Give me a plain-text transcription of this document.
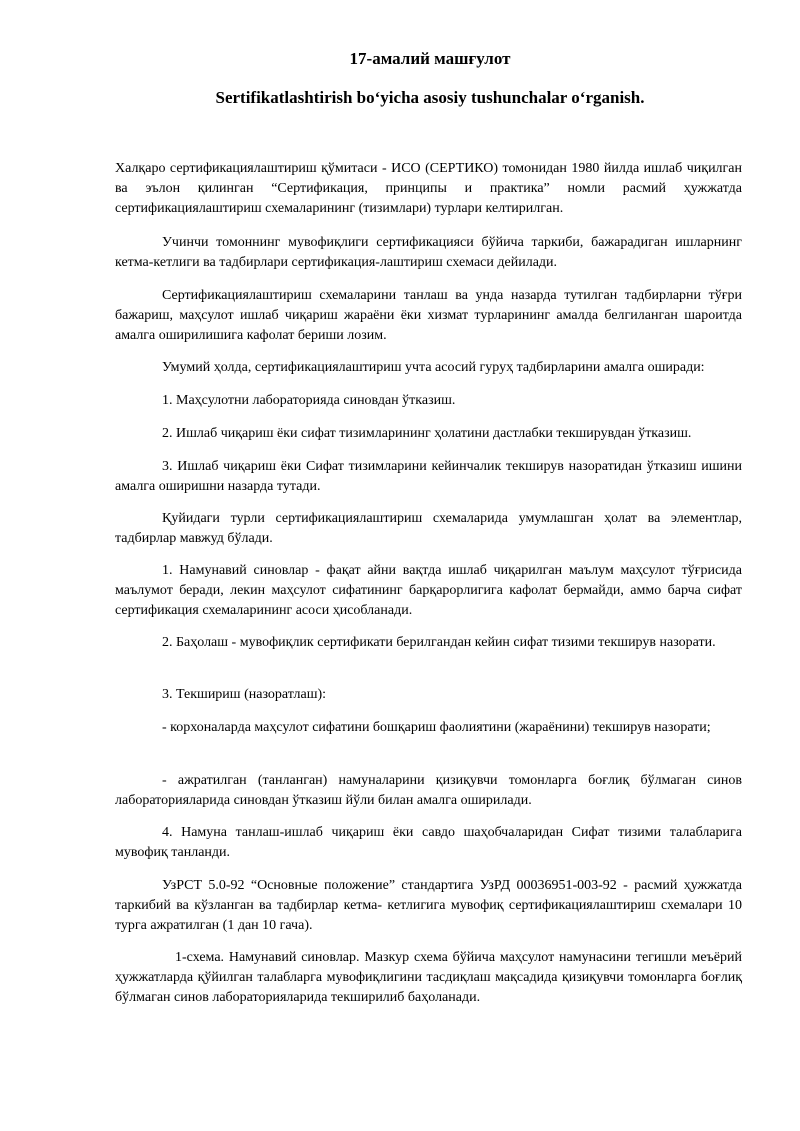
17-амалий машғулот
Sertifikatlashtirish bo‘yicha asosiy tushunchalar o‘rganish.
Халқаро сертификациялаштириш қўмитаси - ИСО (СЕРТИКО) томонидан 1980 йилда ишлаб чиқилган ва эълон қилинган “Сертификация, принципы и практика” номли расмий ҳужжатда сертификациялаштириш схемаларининг (тизимлари) турлари келтирилган.
Учинчи томоннинг мувофиқлиги сертификацияси бўйича таркиби, бажарадиган ишларнинг кетма-кетлиги ва тадбирлари сертификация-лаштириш схемаси дейилади.
Сертификациялаштириш схемаларини танлаш ва унда назарда тутилган тадбирларни тўғри бажариш, маҳсулот ишлаб чиқариш жараёни ёки хизмат турларининг амалда белгиланган шароитда амалга оширилишига кафолат бериши лозим.
Умумий ҳолда, сертификациялаштириш учта асосий гуруҳ тадбирларини амалга оширади:
1. Маҳсулотни лабораторияда синовдан ўтказиш.
2. Ишлаб чиқариш ёки сифат тизимларининг ҳолатини дастлабки текширувдан ўтказиш.
3. Ишлаб чиқариш ёки Сифат тизимларини кейинчалик текширув назоратидан ўтказиш ишини амалга оширишни назарда тутади.
Қуйидаги турли сертификациялаштириш схемаларида умумлашган ҳолат ва элементлар, тадбирлар мавжуд бўлади.
1. Намунавий синовлар - фақат айни вақтда ишлаб чиқарилган маълум маҳсулот тўғрисида маълумот беради, лекин маҳсулот сифатининг барқарорлигига кафолат бермайди, аммо барча сифат сертификация схемаларининг асоси ҳисобланади.
2. Баҳолаш - мувофиқлик сертификати берилгандан кейин сифат тизими текширув назорати.
3. Текшириш (назоратлаш):
- корхоналарда маҳсулот сифатини бошқариш фаолиятини (жараёнини) текширув назорати;
- ажратилган (танланган) намуналарини қизиқувчи томонларга боғлиқ бўлмаган синов лабораторияларида синовдан ўтказиш йўли билан амалга оширилади.
4. Намуна танлаш-ишлаб чиқариш ёки савдо шаҳобчаларидан Сифат тизими талабларига мувофиқ танланди.
УзРСТ 5.0-92 “Основные положение” стандартига УзРД 00036951-003-92 - расмий ҳужжатда таркибий ва кўзланган ва тадбирлар кетма- кетлигига мувофиқ сертификациялаштириш схемалари 10 турга ажратилган (1 дан 10 гача).
1-схема. Намунавий синовлар. Мазкур схема бўйича маҳсулот намунасини тегишли меъёрий ҳужжатларда қўйилган талабларга мувофиқлигини тасдиқлаш мақсадида қизиқувчи томонларга боғлиқ бўлмаган синов лабораторияларида текширилиб баҳоланади.
